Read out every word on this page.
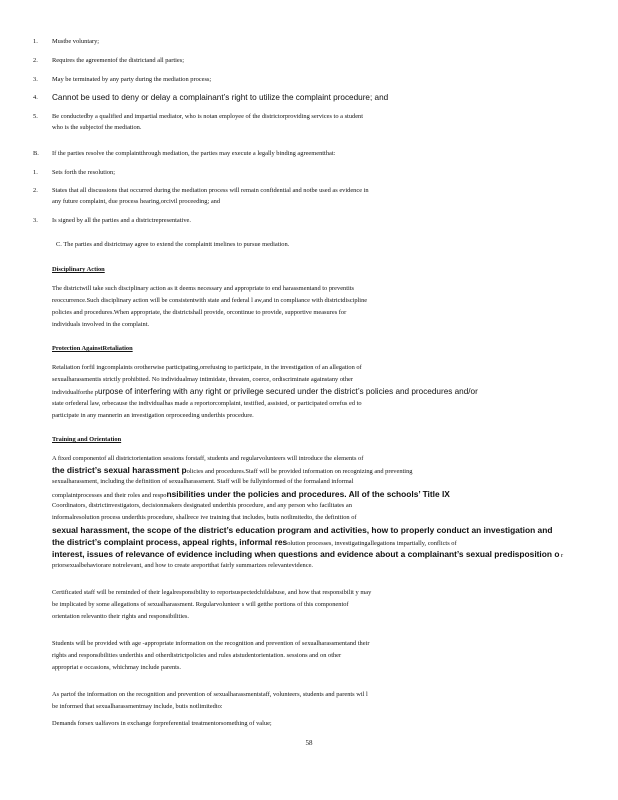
1. Mustbe voluntary;
2. Requires the agreementof the districtand all parties;
3. May be terminated by any party during the mediation process;
4. Cannot be used to deny or delay a complainant’s right to utilize the complaint procedure; and
5. Be conductedby a qualified and impartial mediator, who is notan employee of the districtorproviding services to a student
who is the subjectof the mediation.
B. If the parties resolve the complaintthrough mediation, the parties may execute a legally binding agreementthat:
1. Sets forth the resolution;
2. States that all discussions that occurred during the mediation process will remain confidential and notbe used as evidence in
any future complaint, due process hearing,orcivil proceeding; and
3. Is signed by all the parties and a districtrepresentative.
C. The parties and districtmay agree to extend the complaintt imelines to pursue mediation.
Disciplinary Action
The districtwill take such disciplinary action as it deems necessary and appropriate to end harassmentand to preventits
reoccurrence.Such disciplinary action will be consistentwith state and federal l aw,and in compliance with districtdiscipline
policies and procedures.When appropriate, the districtshall provide, orcontinue to provide, supportive measures for
individuals involved in the complaint.
Protection AgainstRetaliation
Retaliation forfil ingcomplaints orotherwise participating,orrefusing to participate, in the investigation of an allegation of
sexualharassmentis strictly prohibited. No individualmay intimidate, threaten, coerce, ordiscriminate againstany other
individualforthe purpose of interfering with any right or privilege secured under the district’s policies and procedures and/or
state orfederal law, orbecause the individualhas made a reportorcomplaint, testified, assisted, or participated orrefus ed to
participate in any mannerin an investigation orproceeding underthis procedure.
Training and Orientation
A fixed componentof all districtorientation sessions forstaff, students and regularvolunteers will introduce the elements of
the district’s sexual harassment policies and procedures.Staff will be provided information on recognizing and preventing
sexualharassment, including the definition of sexualharassment. Staff will be fullyinformed of the formaland informal
complaintprocesses and their roles and responsibilities under the policies and procedures. All of the schools’ Title IX
Coordinators, districtinvestigators, decisionmakers designated underthis procedure, and any person who facilitates an
informalresolution process underthis procedure, shallrece ive training that includes, butis notlimitedto, the definition of
sexual harassment, the scope of the district’s education program and activities, how to properly conduct an investigation and
the district’s complaint process, appeal rights, informal resolution processes, investigatingallegations impartially, conflicts of
interest, issues of relevance of evidence including when questions and evidence about a complainant’s sexual predisposition o r
priorsexualbehaviorare notrelevant, and how to create areportthat fairly summarizes relevantevidence.
Certificated staff will be reminded of their legalresponsibility to reportsuspectedchildabuse, and how that responsibilit y may
be implicated by some allegations of sexualharassment. Regularvolunteer s will getthe portions of this componentof
orientation relevantto their rights and responsibilities.
Students will be provided with age -appropriate information on the recognition and prevention of sexualharassmentand their
rights and responsibilities underthis and otherdistrictpolicies and rules atstudentorientation. sessions and on other
appropriat e occasions, whichmay include parents.
As partof the information on the recognition and prevention of sexualharassmentstaff, volunteers, students and parents wil l
be informed that sexualharassmentmay include, butis notlimitedto:
Demands forsex ualfavors in exchange forpreferential treatmentorsomething of value;
58
